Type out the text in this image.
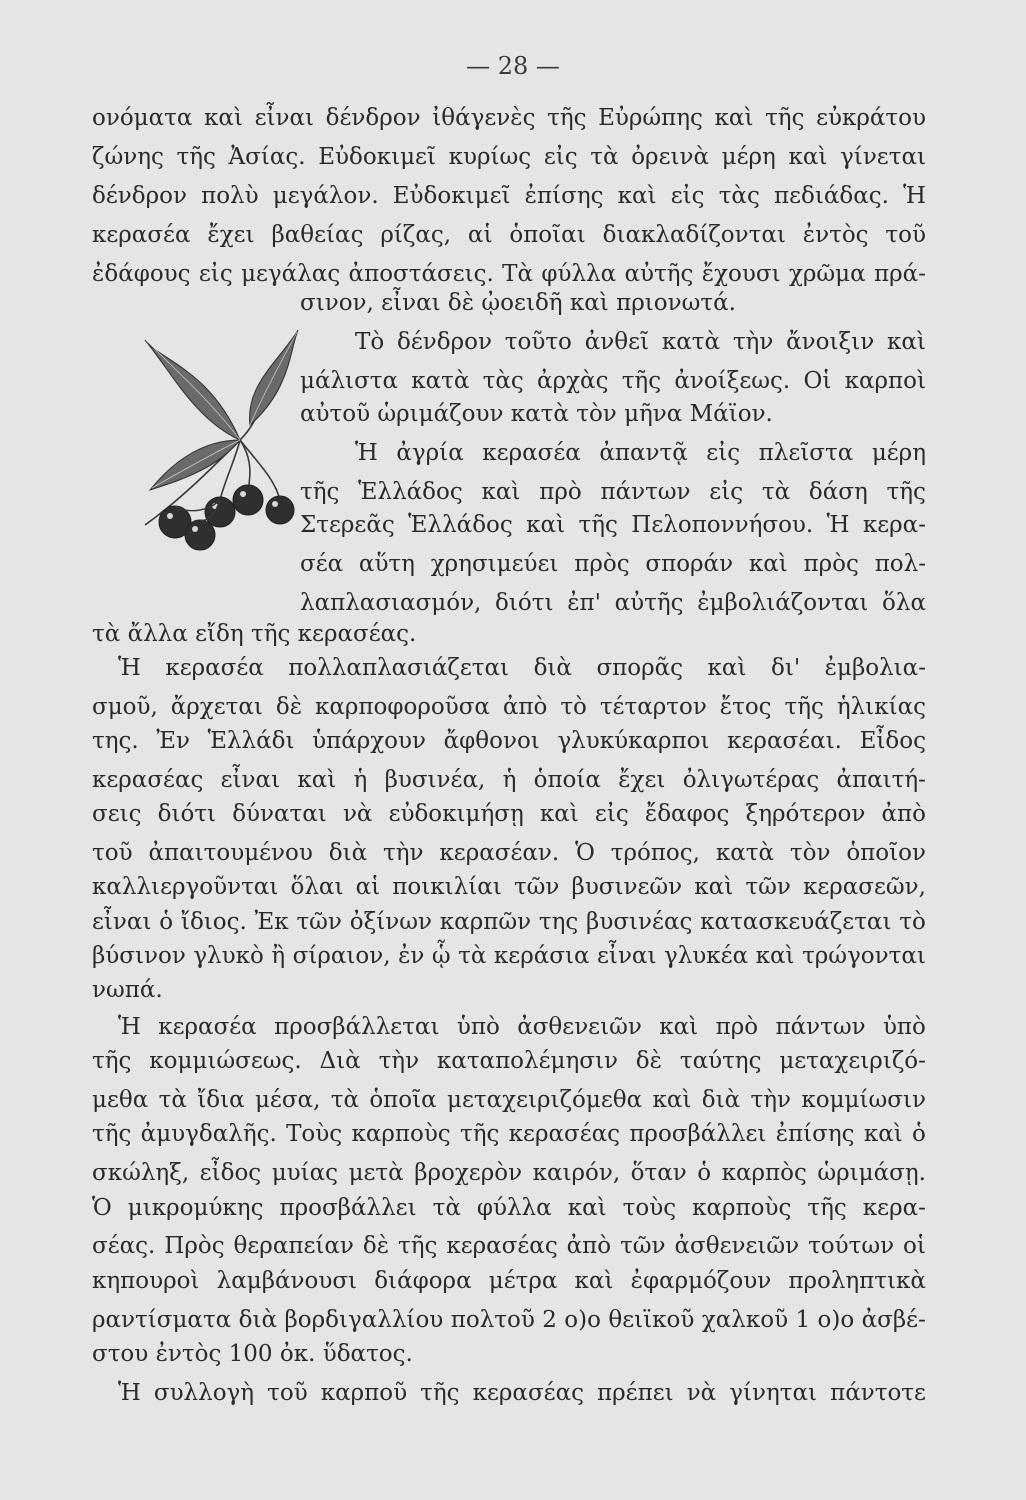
— 28 —
ονόματα καὶ εἶναι δένδρον ἰθάγενὲς τῆς Εὐρώπης καὶ τῆς εὐκράτου
ζώνης τῆς Ἀσίας. Εὐδοκιμεῖ κυρίως εἰς τὰ ὀρεινὰ μέρη καὶ γίνεται
δένδρον πολὺ μεγάλον. Εὐδοκιμεῖ ἐπίσης καὶ εἰς τὰς πεδιάδας. Ἡ
κερασέα ἔχει βαθείας ρίζας, αἱ ὁποῖαι διακλαδίζονται ἐντὸς τοῦ
ἐδάφους εἰς μεγάλας ἀποστάσεις. Τὰ φύλλα αὐτῆς ἔχουσι χρῶμα πρά-
σινον, εἶναι δὲ ᾠοειδῆ καὶ πριονωτά.
Τὸ δένδρον τοῦτο ἀνθεῖ κατὰ τὴν ἄνοιξιν καὶ
μάλιστα κατὰ τὰς ἀρχὰς τῆς ἀνοίξεως. Οἱ καρποὶ
αὐτοῦ ὡριμάζουν κατὰ τὸν μῆνα Μάϊον.
Ἡ ἀγρία κερασέα ἀπαντᾷ εἰς πλεῖστα μέρη
τῆς Ἑλλάδος καὶ πρὸ πάντων εἰς τὰ δάση τῆς
Στερεᾶς Ἑλλάδος καὶ τῆς Πελοποννήσου. Ἡ κερα-
σέα αὕτη χρησιμεύει πρὸς σποράν καὶ πρὸς πολ-
λαπλασιασμόν, διότι ἐπ' αὐτῆς ἐμβολιάζονται ὅλα
τὰ ἄλλα εἴδη τῆς κερασέας.
Ἡ κερασέα πολλαπλασιάζεται διὰ σπορᾶς καὶ δι' ἐμβολια-
σμοῦ, ἄρχεται δὲ καρποφοροῦσα ἀπὸ τὸ τέταρτον ἔτος τῆς ἡλικίας
της. Ἐν Ἑλλάδι ὑπάρχουν ἄφθονοι γλυκύκαρποι κερασέαι. Εἶδος
κερασέας εἶναι καὶ ἡ βυσινέα, ἡ ὁποία ἔχει ὀλιγωτέρας ἀπαιτή-
σεις διότι δύναται νὰ εὐδοκιμήσῃ καὶ εἰς ἔδαφος ξηρότερον ἀπὸ
τοῦ ἀπαιτουμένου διὰ τὴν κερασέαν. Ὁ τρόπος, κατὰ τὸν ὁποῖον
καλλιεργοῦνται ὅλαι αἱ ποικιλίαι τῶν βυσινεῶν καὶ τῶν κερασεῶν,
εἶναι ὁ ἴδιος. Ἐκ τῶν ὀξίνων καρπῶν της βυσινέας κατασκευάζεται τὸ
βύσινον γλυκὸ ἢ σίραιον, ἐν ᾧ τὰ κεράσια εἶναι γλυκέα καὶ τρώγονται
νωπά.
Ἡ κερασέα προσβάλλεται ὑπὸ ἀσθενειῶν καὶ πρὸ πάντων ὑπὸ
τῆς κομμιώσεως. Διὰ τὴν καταπολέμησιν δὲ ταύτης μεταχειριζό-
μεθα τὰ ἴδια μέσα, τὰ ὁποῖα μεταχειριζόμεθα καὶ διὰ τὴν κομμίωσιν
τῆς ἀμυγδαλῆς. Τοὺς καρποὺς τῆς κερασέας προσβάλλει ἐπίσης καὶ ὁ
σκώληξ, εἶδος μυίας μετὰ βροχερὸν καιρόν, ὅταν ὁ καρπὸς ὡριμάσῃ.
Ὁ μικρομύκης προσβάλλει τὰ φύλλα καὶ τοὺς καρποὺς τῆς κερα-
σέας. Πρὸς θεραπείαν δὲ τῆς κερασέας ἀπὸ τῶν ἀσθενειῶν τούτων οἱ
κηπουροὶ λαμβάνουσι διάφορα μέτρα καὶ ἐφαρμόζουν προληπτικὰ
ραντίσματα διὰ βορδιγαλλίου πολτοῦ 2 ο)ο θειϊκοῦ χαλκοῦ 1 ο)ο ἀσβέ-
στου ἐντὸς 100 ὀκ. ὕδατος.
Ἡ συλλογὴ τοῦ καρποῦ τῆς κερασέας πρέπει νὰ γίνηται πάντοτε
